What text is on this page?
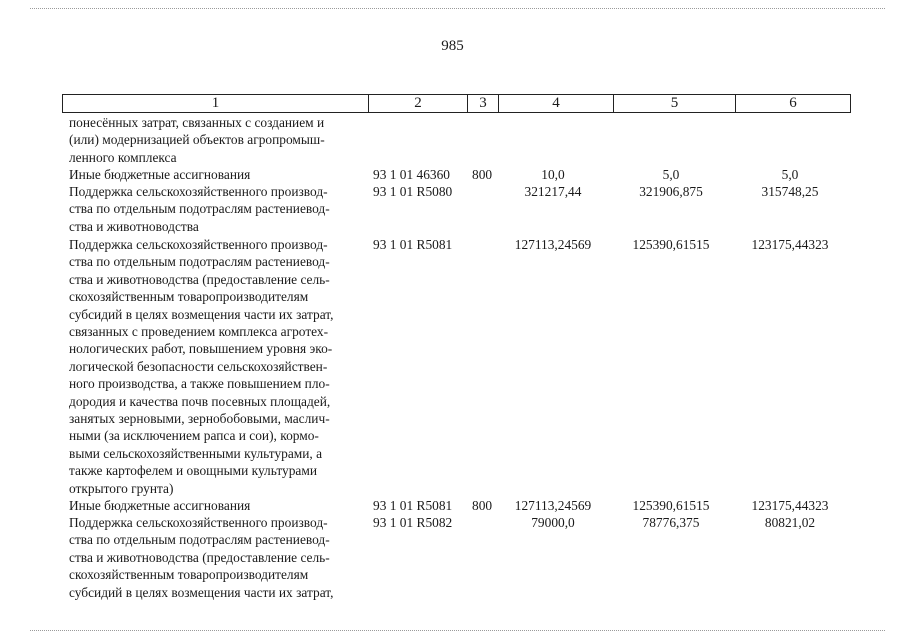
985
1	2	3	4	5	6
понесённых затрат, связанных с созданием и
(или) модернизацией объектов агропромыш-
ленного комплекса
Иные бюджетные ассигнования	93 1 01 46360 800	10,0	5,0	5,0
Поддержка сельскохозяйственного производ-
ства по отдельным подотраслям растениевод-
ства и животноводства
93 1 01 R5080	321217,44	321906,875	315748,25
Поддержка сельскохозяйственного производ-
ства по отдельным подотраслям растениевод-
ства и животноводства (предоставление сель-
скохозяйственным товаропроизводителям
субсидий в целях возмещения части их затрат,
связанных с проведением комплекса агротех-
нологических работ, повышением уровня эко-
логической безопасности сельскохозяйствен-
ного производства, а также повышением пло-
дородия и качества почв посевных площадей,
занятых зерновыми, зернобобовыми, маслич-
ными (за исключением рапса и сои), кормо-
выми сельскохозяйственными культурами, а
также картофелем и овощными культурами
открытого грунта)
93 1 01 R5081	127113,24569	125390,61515	123175,44323
Иные бюджетные ассигнования	93 1 01 R5081 800	127113,24569	125390,61515	123175,44323
Поддержка сельскохозяйственного производ-
ства по отдельным подотраслям растениевод-
ства и животноводства (предоставление сель-
скохозяйственным товаропроизводителям
субсидий в целях возмещения части их затрат,
93 1 01 R5082	79000,0	78776,375	80821,02
